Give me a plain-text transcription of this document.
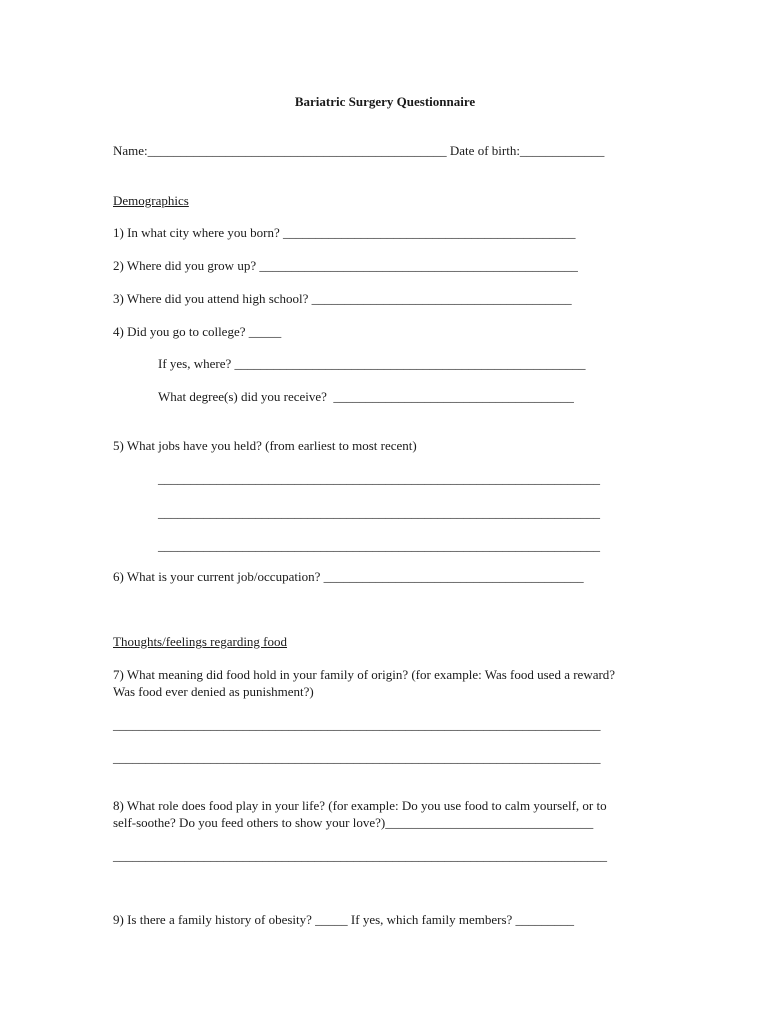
Bariatric Surgery Questionnaire
Name:______________________________________________ Date of birth:_____________
Demographics
1) In what city where you born? _____________________________________________
2) Where did you grow up? _________________________________________________
3) Where did you attend high school? ________________________________________
4) Did you go to college? _____
If yes, where? ______________________________________________________
What degree(s) did you receive?  _____________________________________
5) What jobs have you held? (from earliest to most recent)
____________________________________________________________________
____________________________________________________________________
____________________________________________________________________
6) What is your current job/occupation? ________________________________________
Thoughts/feelings regarding food
7) What meaning did food hold in your family of origin? (for example: Was food used a reward?
Was food ever denied as punishment?)
___________________________________________________________________________
___________________________________________________________________________
8) What role does food play in your life? (for example: Do you use food to calm yourself, or to
self-soothe? Do you feed others to show your love?)________________________________
____________________________________________________________________________
9) Is there a family history of obesity? _____ If yes, which family members? _________
